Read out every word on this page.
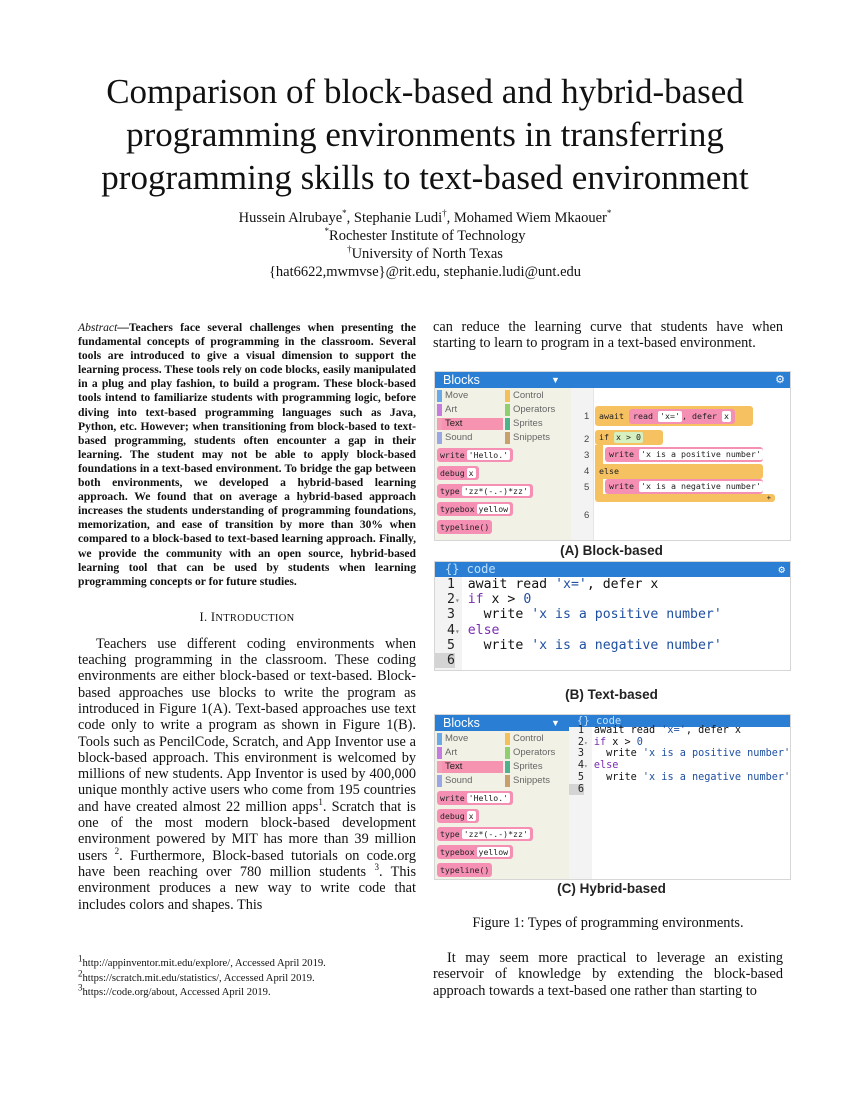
Comparison of block-based and hybrid-based
programming environments in transferring
programming skills to text-based environment
Hussein Alrubaye*, Stephanie Ludi†, Mohamed Wiem Mkaouer*
*Rochester Institute of Technology
†University of North Texas
{hat6622,mwmvse}@rit.edu, stephanie.ludi@unt.edu
Abstract—Teachers face several challenges when presenting the fundamental concepts of programming in the classroom. Several tools are introduced to give a visual dimension to support the learning process. These tools rely on code blocks, easily manipulated in a plug and play fashion, to build a program. These block-based tools intend to familiarize students with programming logic, before diving into text-based programming languages such as Java, Python, etc. However; when transitioning from block-based to text-based programming, students often encounter a gap in their learning. The student may not be able to apply block-based foundations in a text-based environment. To bridge the gap between both environments, we developed a hybrid-based learning approach. We found that on average a hybrid-based approach increases the students understanding of programming foundations, memorization, and ease of transition by more than 30% when compared to a block-based to text-based learning approach. Finally, we provide the community with an open source, hybrid-based learning tool that can be used by students when learning programming concepts or for future studies.
I. INTRODUCTION
Teachers use different coding environments when teaching programming in the classroom. These coding environments are either block-based or text-based. Block-based approaches use blocks to write the program as introduced in Figure 1(A). Text-based approaches use text code only to write a program as shown in Figure 1(B). Tools such as PencilCode, Scratch, and App Inventor use a block-based approach. This environment is welcomed by millions of new students. App Inventor is used by 400,000 unique monthly active users who come from 195 countries and have created almost 22 million apps$^1$. Scratch that is one of the most modern block-based development environment powered by MIT has more than 39 million users $^2$. Furthermore, Block-based tutorials on code.org have been reaching over 780 million students $^3$. This environment produces a new way to write code that includes colors and shapes. This
$^1$http://appinventor.mit.edu/explore/, Accessed April 2019.
$^2$https://scratch.mit.edu/statistics/, Accessed April 2019.
$^3$https://code.org/about, Accessed April 2019.
can reduce the learning curve that students have when starting to learn to program in a text-based environment.
Blocks	▼
Move	Control
Art	Operators
Text	Sprites
Sound	Snippets
write 'Hello.'
debug x
type 'zz*(-.-)*zz'
typebox yellow
typeline()
⚙
1
2
3
4
5
6
await read 'x=' , defer x
if x > 0
write 'x is a positive number'
else
write 'x is a negative number'
+
(A) Block-based
{} code	⚙
1 await read 'x=', defer x
2▾ if x > 0
3 write 'x is a positive number'
4▾ else
5 write 'x is a negative number'
6
(B) Text-based
Blocks	▼
Move	Control
Art	Operators
Text	Sprites
Sound	Snippets
write 'Hello.'
debug x
type 'zz*(-.-)*zz'
typebox yellow
typeline()
{} code
1 await read 'x=', defer x
2▾ if x > 0
3 write 'x is a positive number'
4▾ else
5 write 'x is a negative number'
6
(C) Hybrid-based
Figure 1: Types of programming environments.
It may seem more practical to leverage an existing reservoir of knowledge by extending the block-based approach towards a text-based one rather than starting to
